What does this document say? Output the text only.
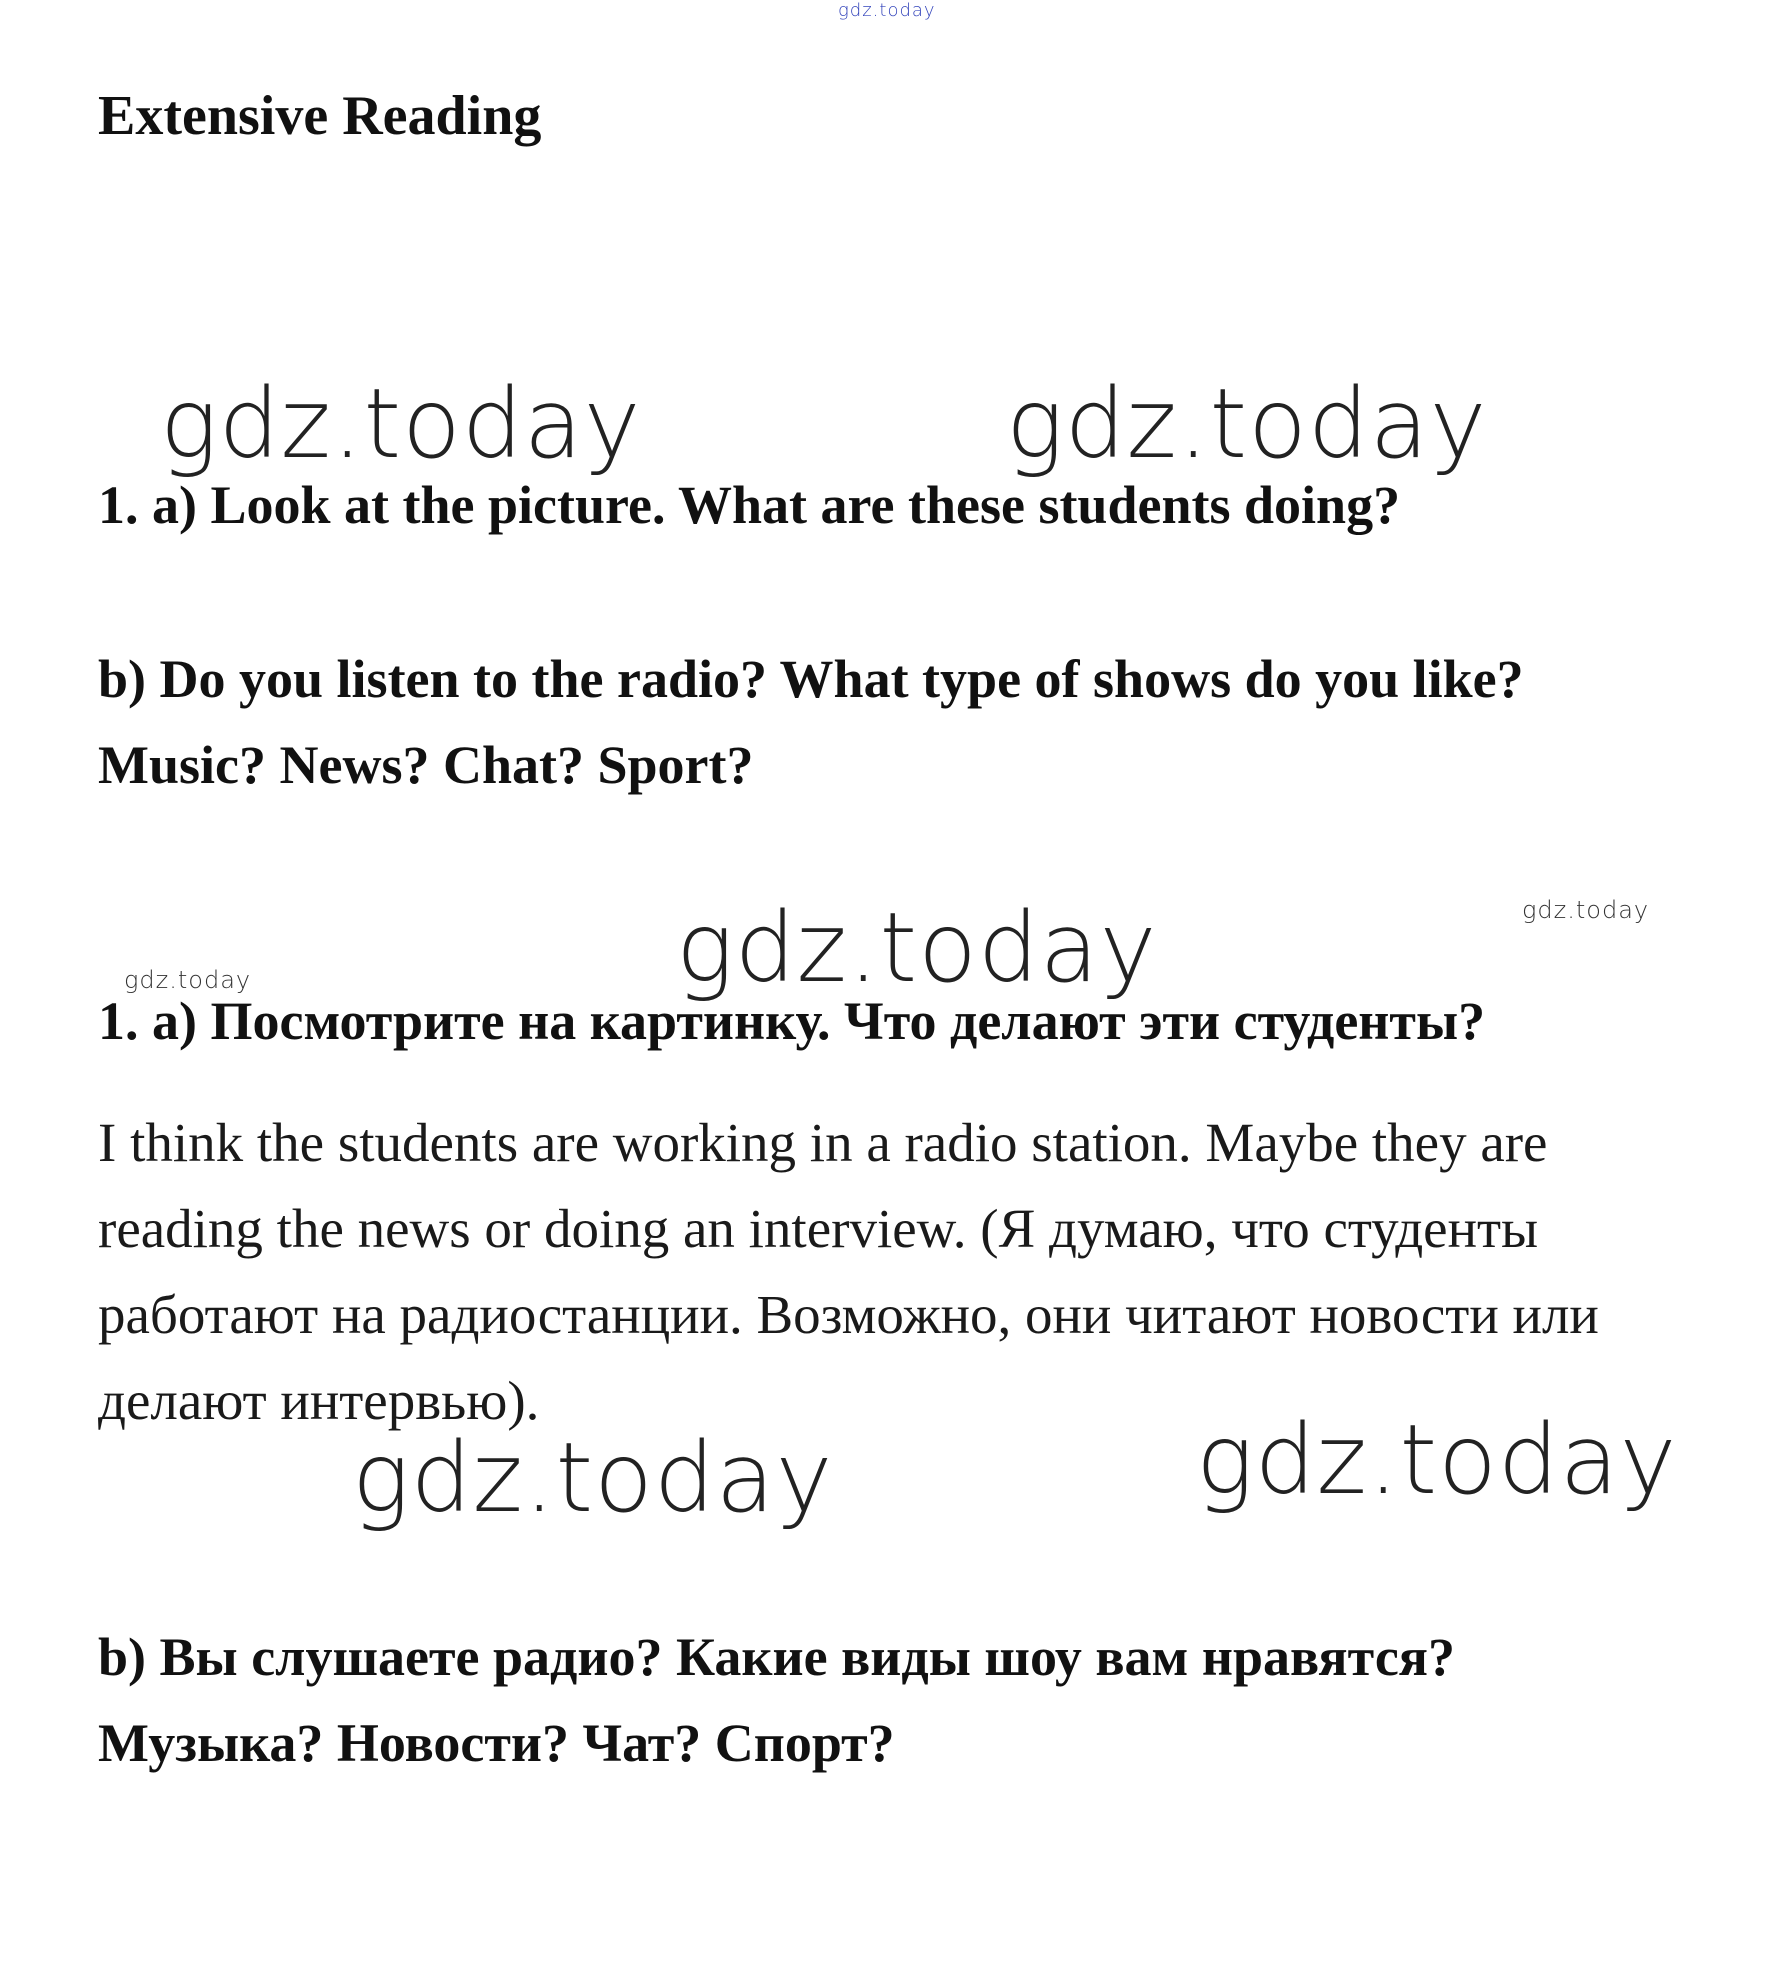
gdz.today
Extensive Reading
gdz.today	gdz.today
1. a) Look at the picture. What are these students doing?
b) Do you listen to the radio? What type of shows do you like?
Music? News? Chat? Sport?
gdz.today
gdz.today
gdz.today
1. a) Посмотрите на картинку. Что делают эти студенты?
I think the students are working in a radio station. Maybe they are
reading the news or doing an interview. (Я думаю, что студенты
работают на радиостанции. Возможно, они читают новости или
делают интервью).
gdz.today	gdz.today
b) Вы слушаете радио? Какие виды шоу вам нравятся?
Музыка? Новости? Чат? Спорт?
